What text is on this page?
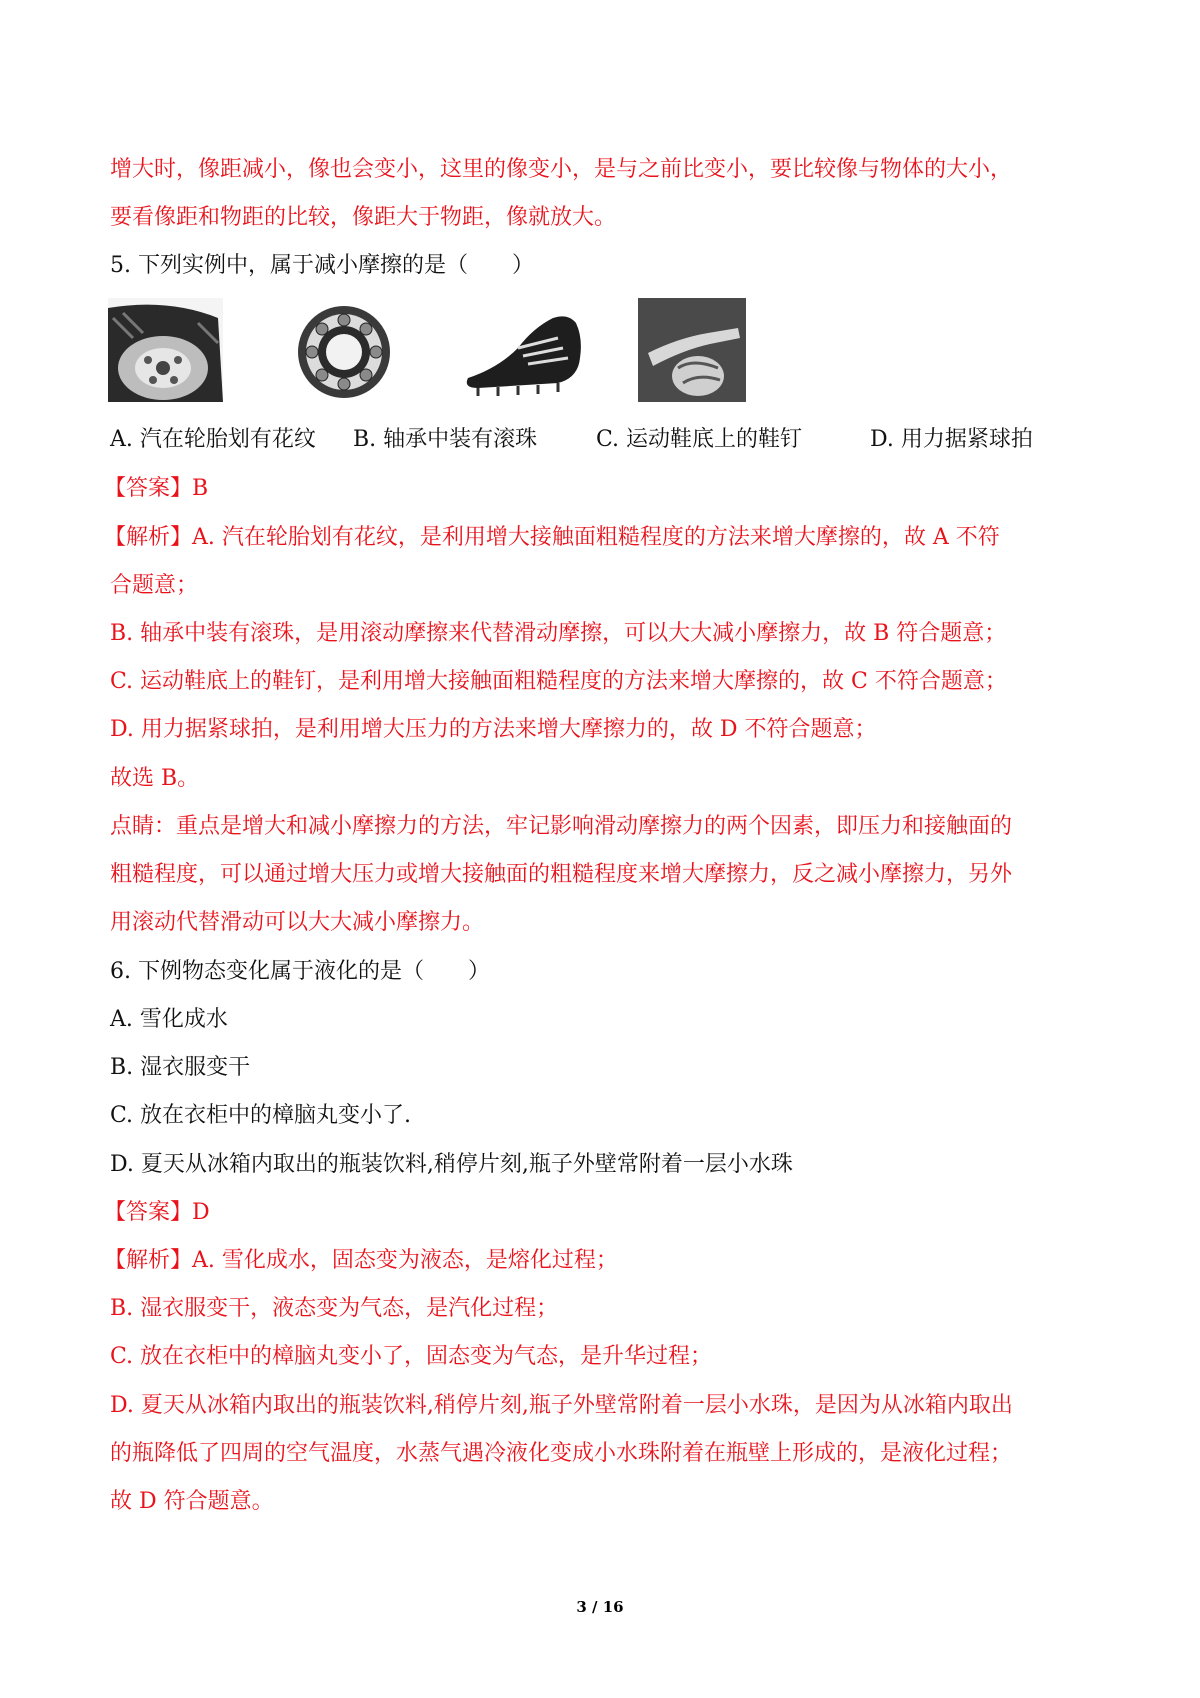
增大时，像距减小，像也会变小，这里的像变小，是与之前比变小，要比较像与物体的大小，
要看像距和物距的比较，像距大于物距，像就放大。
5. 下列实例中，属于减小摩擦的是（　　）
A. 汽在轮胎划有花纹 B. 轴承中装有滚珠	C. 运动鞋底上的鞋钉	D. 用力据紧球拍
【答案】B
【解析】A. 汽在轮胎划有花纹，是利用增大接触面粗糙程度的方法来增大摩擦的，故 A 不符
合题意；
B. 轴承中装有滚珠，是用滚动摩擦来代替滑动摩擦，可以大大减小摩擦力，故 B 符合题意；
C. 运动鞋底上的鞋钉，是利用增大接触面粗糙程度的方法来增大摩擦的，故 C 不符合题意；
D. 用力据紧球拍，是利用增大压力的方法来增大摩擦力的，故 D 不符合题意；
故选 B。
点睛：重点是增大和减小摩擦力的方法，牢记影响滑动摩擦力的两个因素，即压力和接触面的
粗糙程度，可以通过增大压力或增大接触面的粗糙程度来增大摩擦力，反之减小摩擦力，另外
用滚动代替滑动可以大大减小摩擦力。
6. 下例物态变化属于液化的是（　　）
A. 雪化成水
B. 湿衣服变干
C. 放在衣柜中的樟脑丸变小了.
D. 夏天从冰箱内取出的瓶装饮料,稍停片刻,瓶子外壁常附着一层小水珠
【答案】D
【解析】A. 雪化成水，固态变为液态，是熔化过程；
B. 湿衣服变干，液态变为气态，是汽化过程；
C. 放在衣柜中的樟脑丸变小了，固态变为气态，是升华过程；
D. 夏天从冰箱内取出的瓶装饮料,稍停片刻,瓶子外壁常附着一层小水珠，是因为从冰箱内取出
的瓶降低了四周的空气温度，水蒸气遇冷液化变成小水珠附着在瓶壁上形成的，是液化过程；
故 D 符合题意。
3 / 16
